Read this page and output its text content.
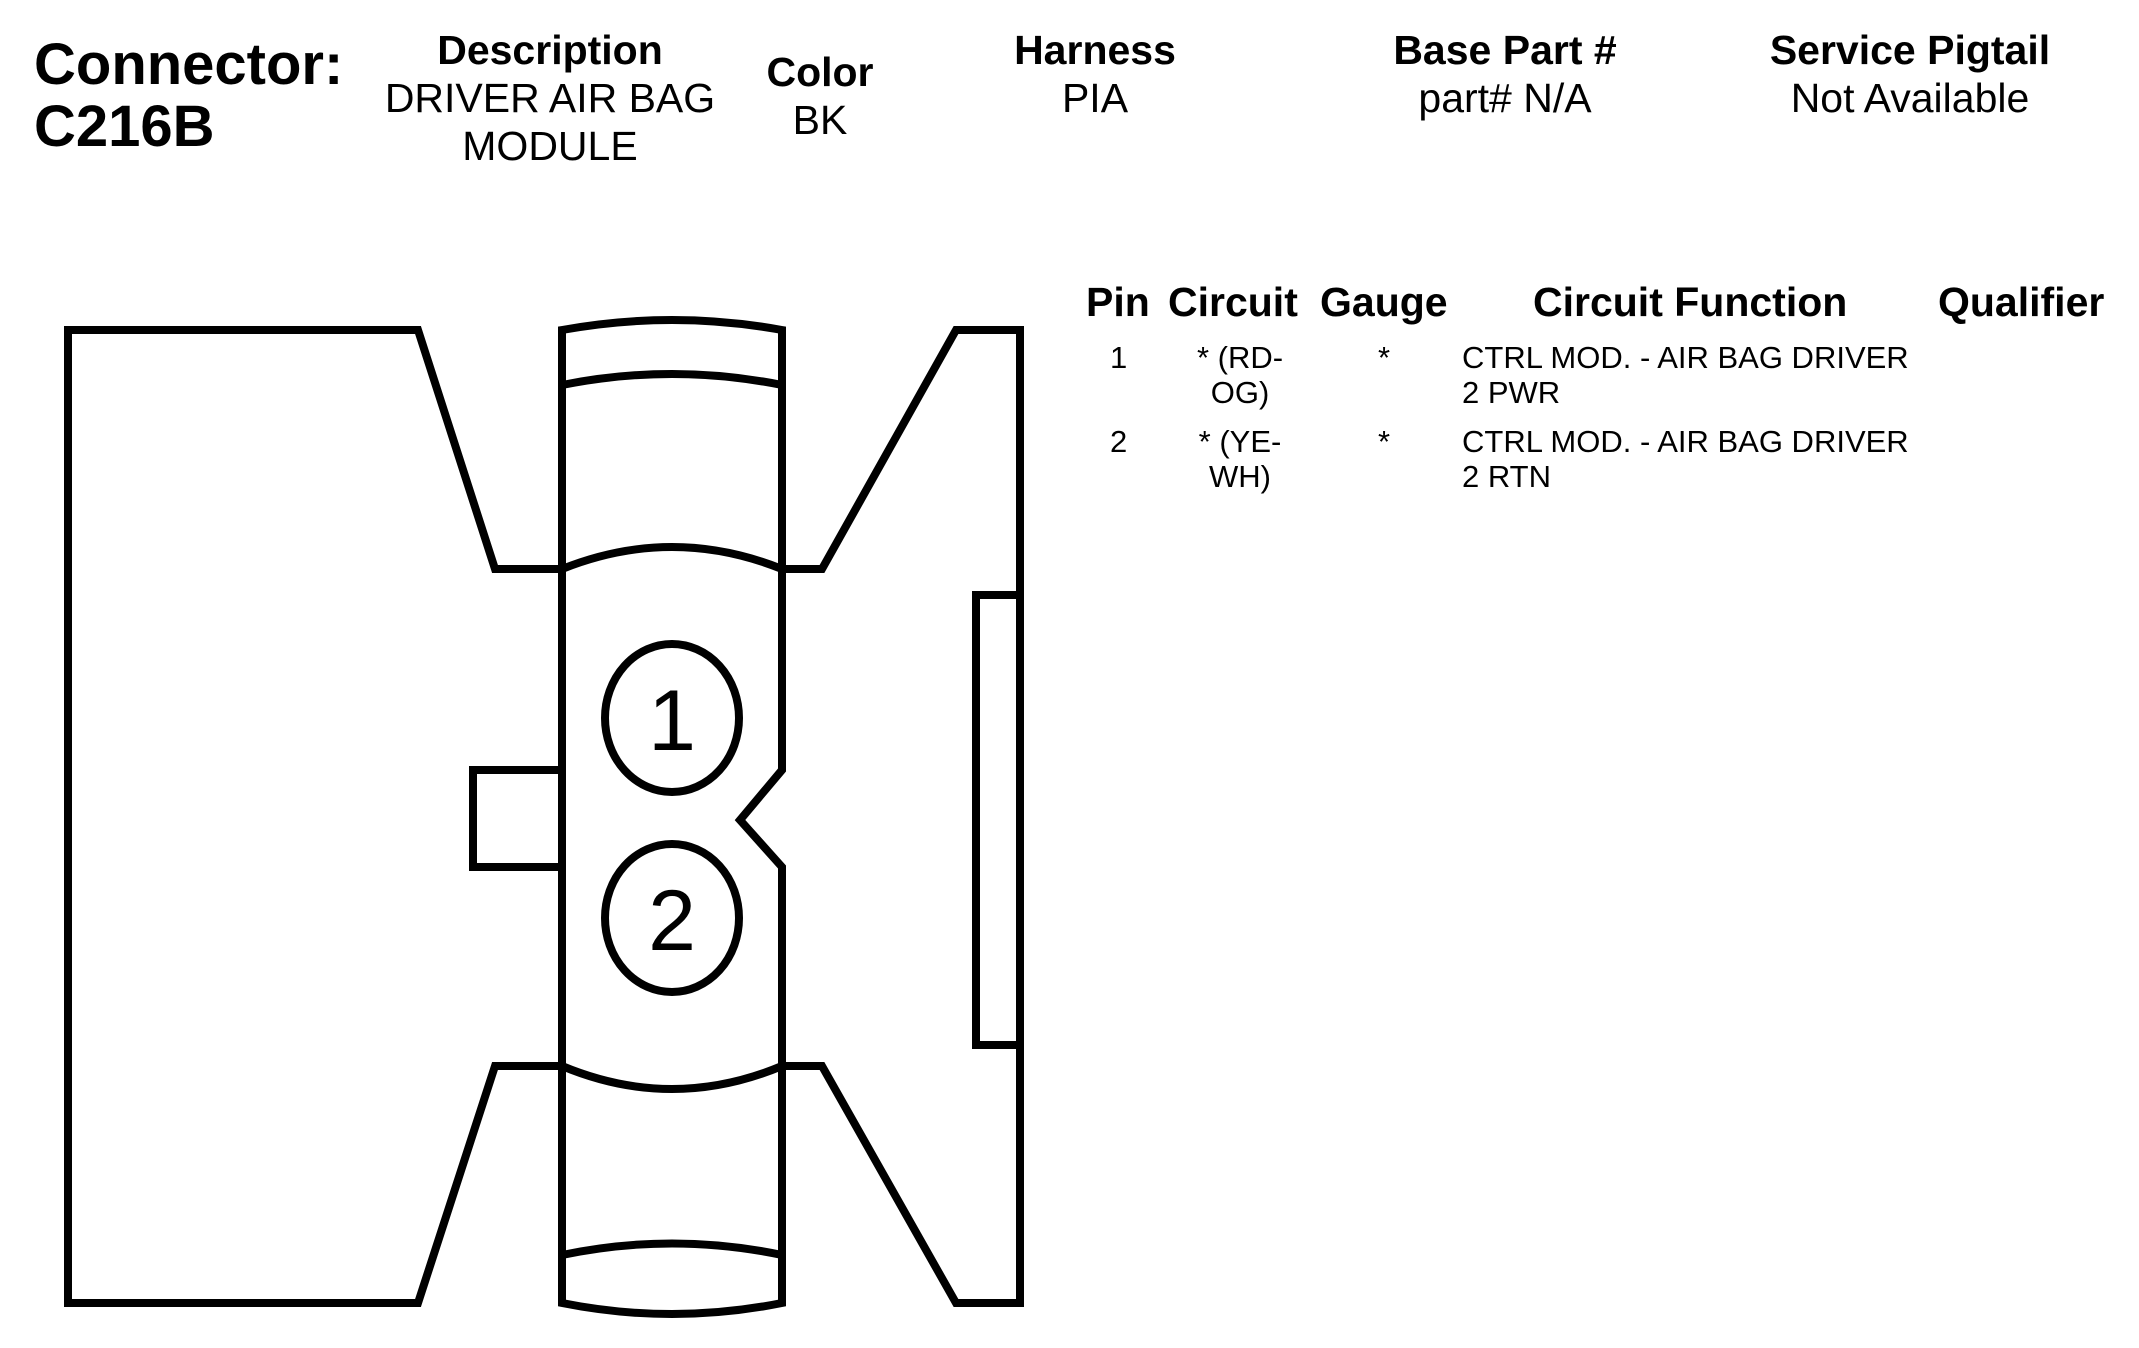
Connector:
C216B
Description
DRIVER AIR BAG
MODULE
Color
BK
Harness
PIA
Base Part #
part# N/A
Service Pigtail
Not Available
Pin Circuit Gauge Circuit Function Qualifier
1 * (RD-
OG)
* CTRL MOD. - AIR BAG DRIVER
2 PWR
2 * (YE-
WH)
* CTRL MOD. - AIR BAG DRIVER
2 RTN
1
2
